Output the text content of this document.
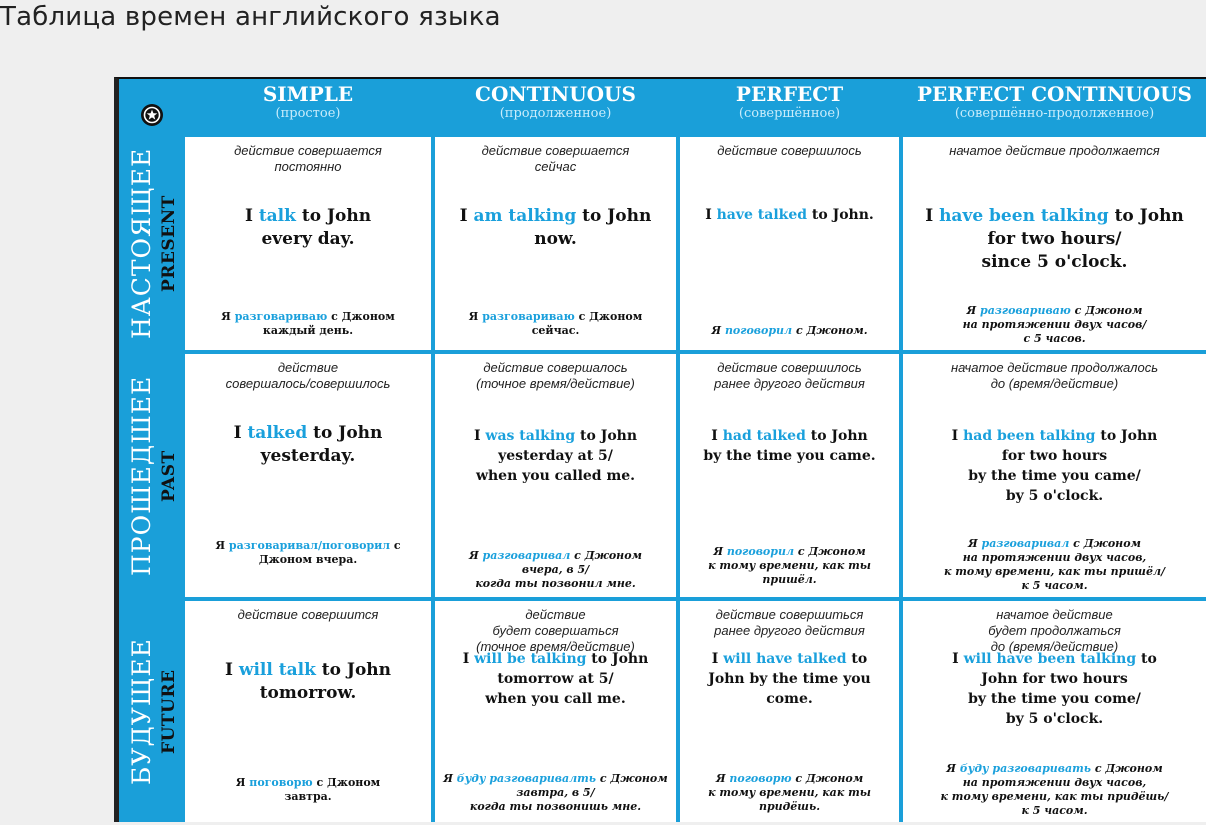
Таблица времен английского языка
SIMPLE
(простое)
CONTINUOUS
(продолженное)
PERFECT
(совершённое)
PERFECT CONTINUOUS
(совершённо-продолженное)
НАСТОЯЩЕЕ PRESENT
действие совершается
постоянно
I talk to John
every day.
Я разговариваю с Джоном
каждый день.
действие совершается
сейчас
I am talking to John
now.
Я разговариваю с Джоном
сейчас.
действие совершилось
I have talked to John.
Я поговорил с Джоном.
начатое действие продолжается
I have been talking to John
for two hours/
since 5 o'clock.
Я разговариваю с Джоном
на протяжении двух часов/
с 5 часов.
ПРОШЕДШЕЕ PAST
действие
совершалось/совершилось
I talked to John
yesterday.
Я разговаривал/поговорил с
Джоном вчера.
действие совершалось
(точное время/действие)
I was talking to John
yesterday at 5/
when you called me.
Я разговаривал с Джоном
вчера, в 5/
когда ты позвонил мне.
действие совершилось
ранее другого действия
I had talked to John
by the time you came.
Я поговорил с Джоном
к тому времени, как ты
пришёл.
начатое действие продолжалось
до (время/действие)
I had been talking to John
for two hours
by the time you came/
by 5 o'clock.
Я разговаривал с Джоном
на протяжении двух часов,
к тому времени, как ты пришёл/
к 5 часом.
БУДУЩЕЕ FUTURE
действие совершится
I will talk to John
tomorrow.
Я поговорю с Джоном
завтра.
действие
будет совершаться
(точное время/действие)
I will be talking to John
tomorrow at 5/
when you call me.
Я буду разговаривалть с Джоном
завтра, в 5/
когда ты позвонишь мне.
действие совершиться
ранее другого действия
I will have talked to
John by the time you
come.
Я поговорю с Джоном
к тому времени, как ты
придёшь.
начатое действие
будет продолжаться
до (время/действие)
I will have been talking to
John for two hours
by the time you come/
by 5 o'clock.
Я буду разговаривать с Джоном
на протяжении двух часов,
к тому времени, как ты придёшь/
к 5 часом.
